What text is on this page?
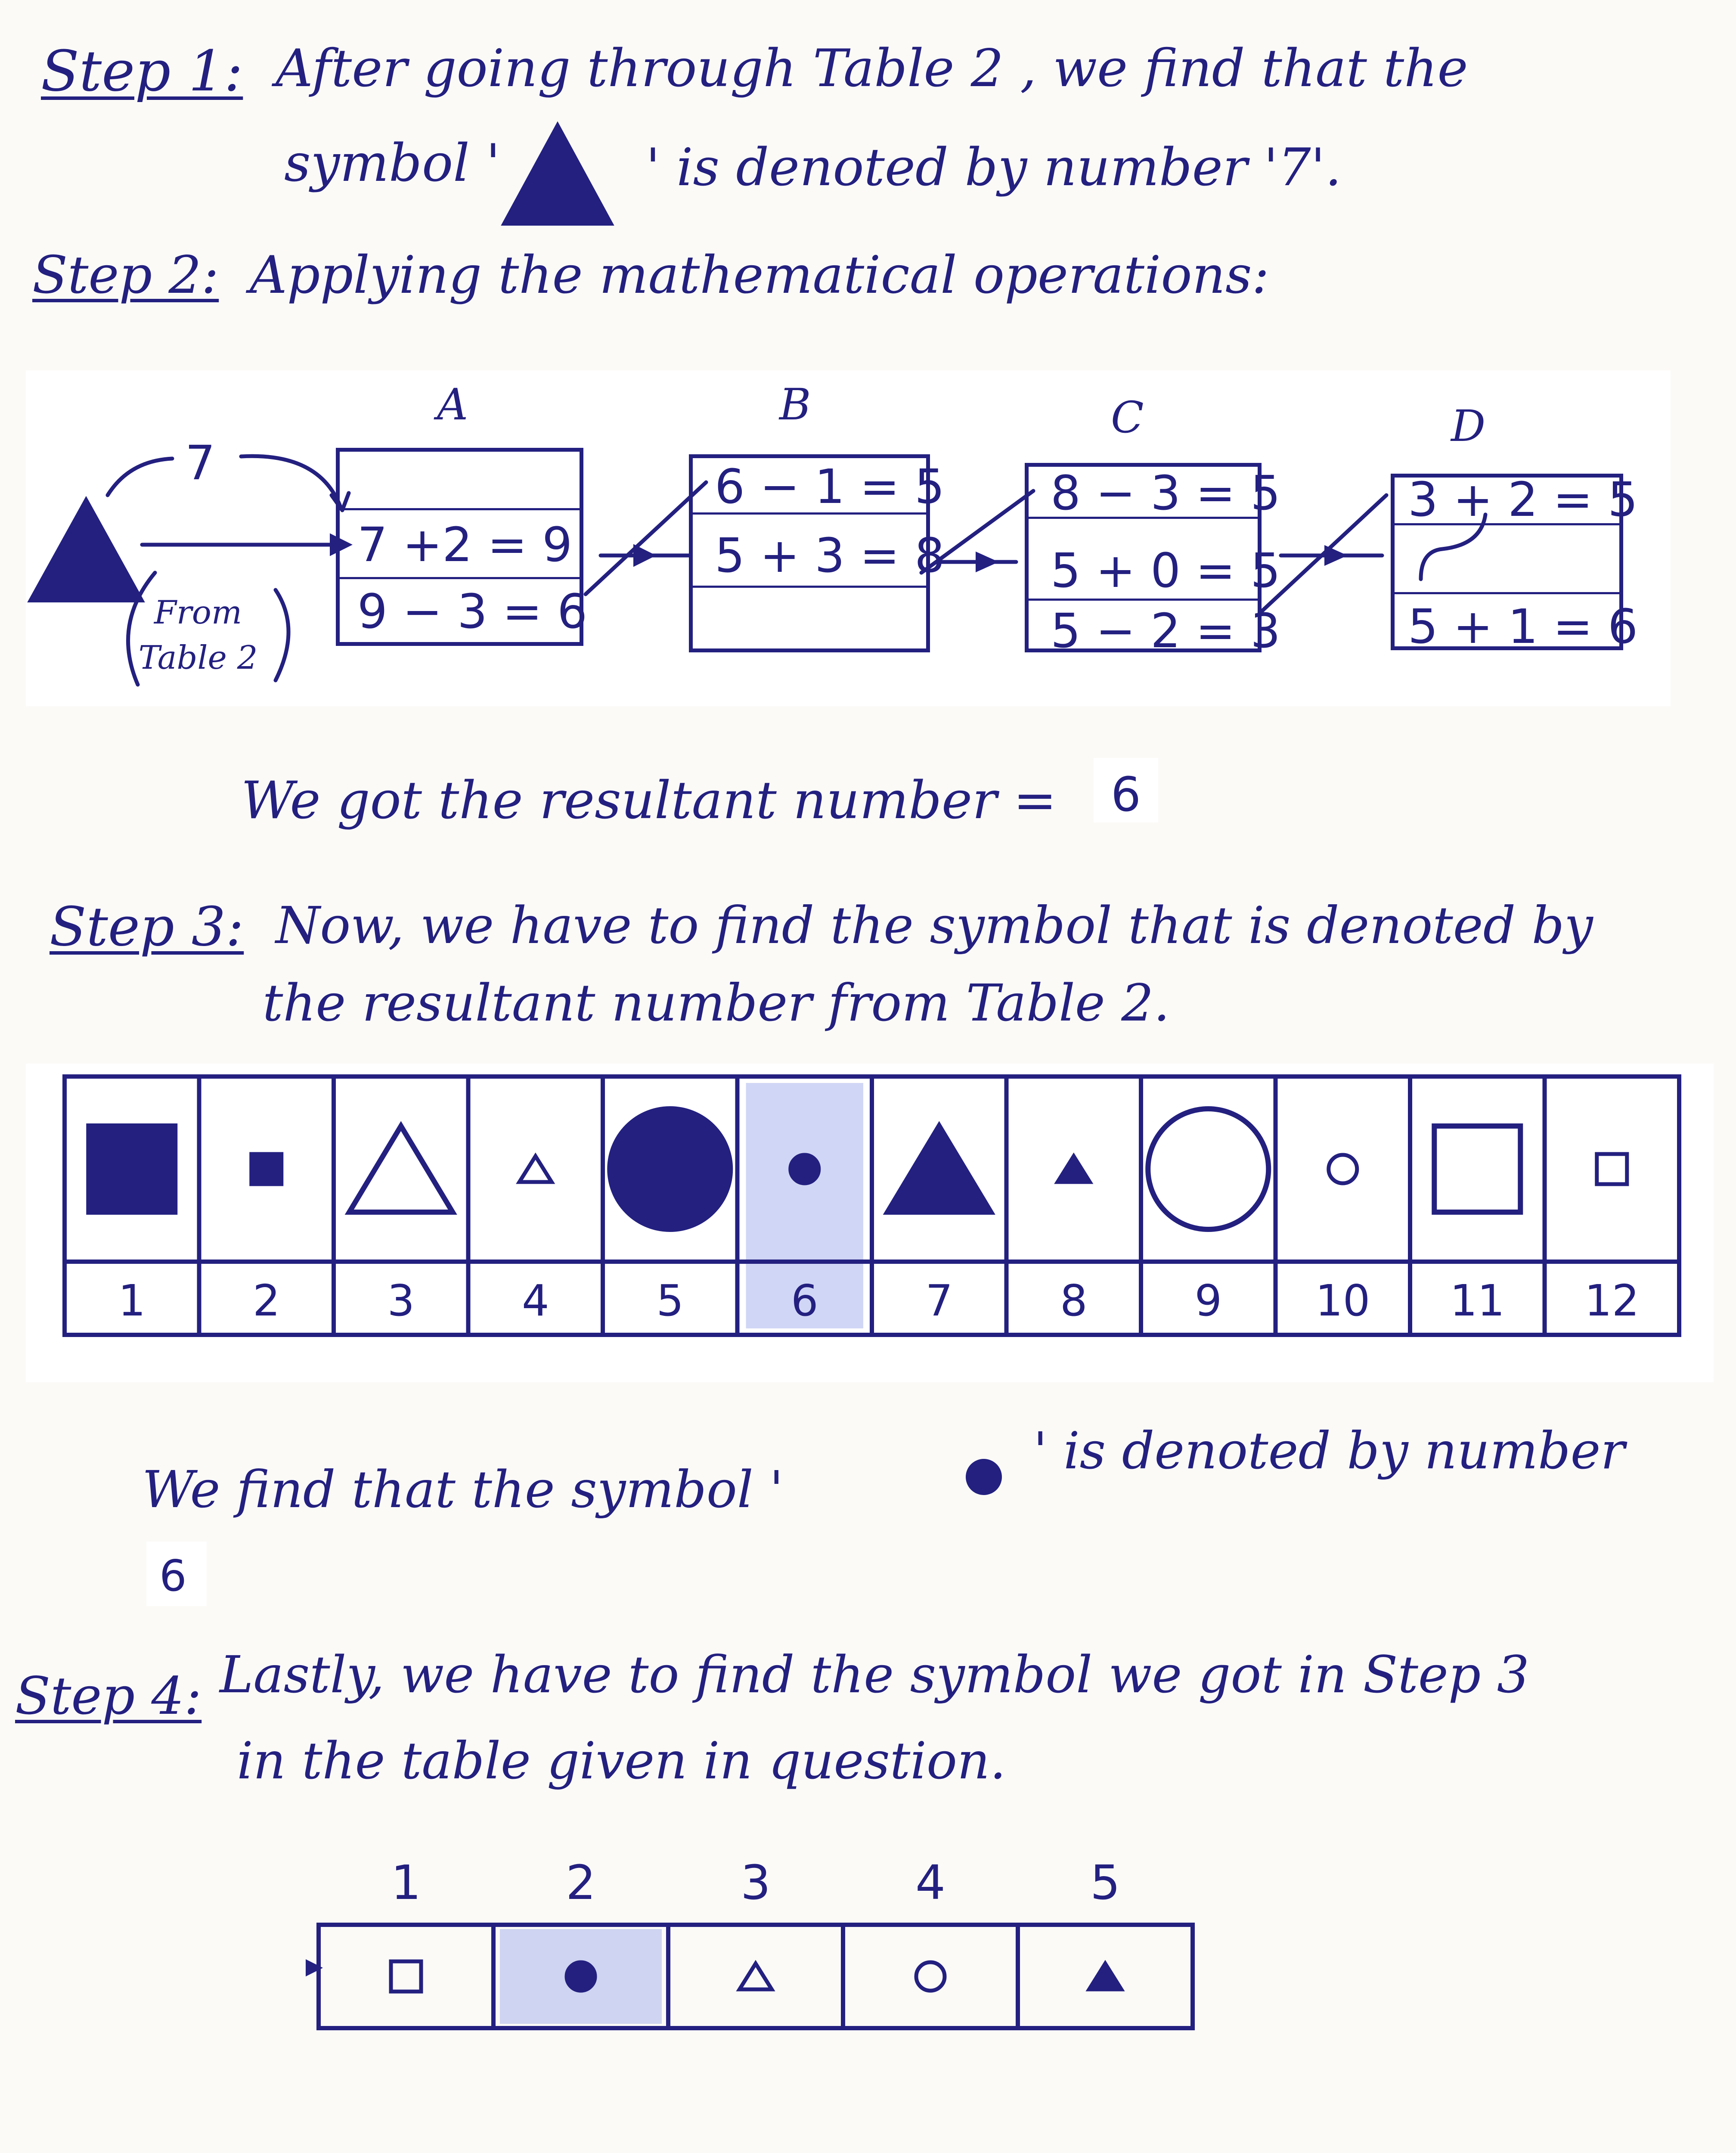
Step 1: After going through Table 2 , we find that the
symbol '	' is denoted by number '7'.
Step 2: Applying the mathematical operations:
7
From Table 2
A
7 +2 = 9
9 − 3 = 6
B
6 − 1 = 5
5 + 3 = 8
C
8 − 3 = 5
5 + 0 = 5
5 − 2 = 3
D
3 + 2 = 5
5 + 1 = 6
We got the resultant number = 6
Step 3: Now, we have to find the symbol that is denoted by
the resultant number from Table 2.
1 2 3 4 5 6 7 8 9 10 11 12
We find that the symbol '
' is denoted by number
6
Step 4: Lastly, we have to find the symbol we got in Step 3
in the table given in question.
1	2	3	4	5
